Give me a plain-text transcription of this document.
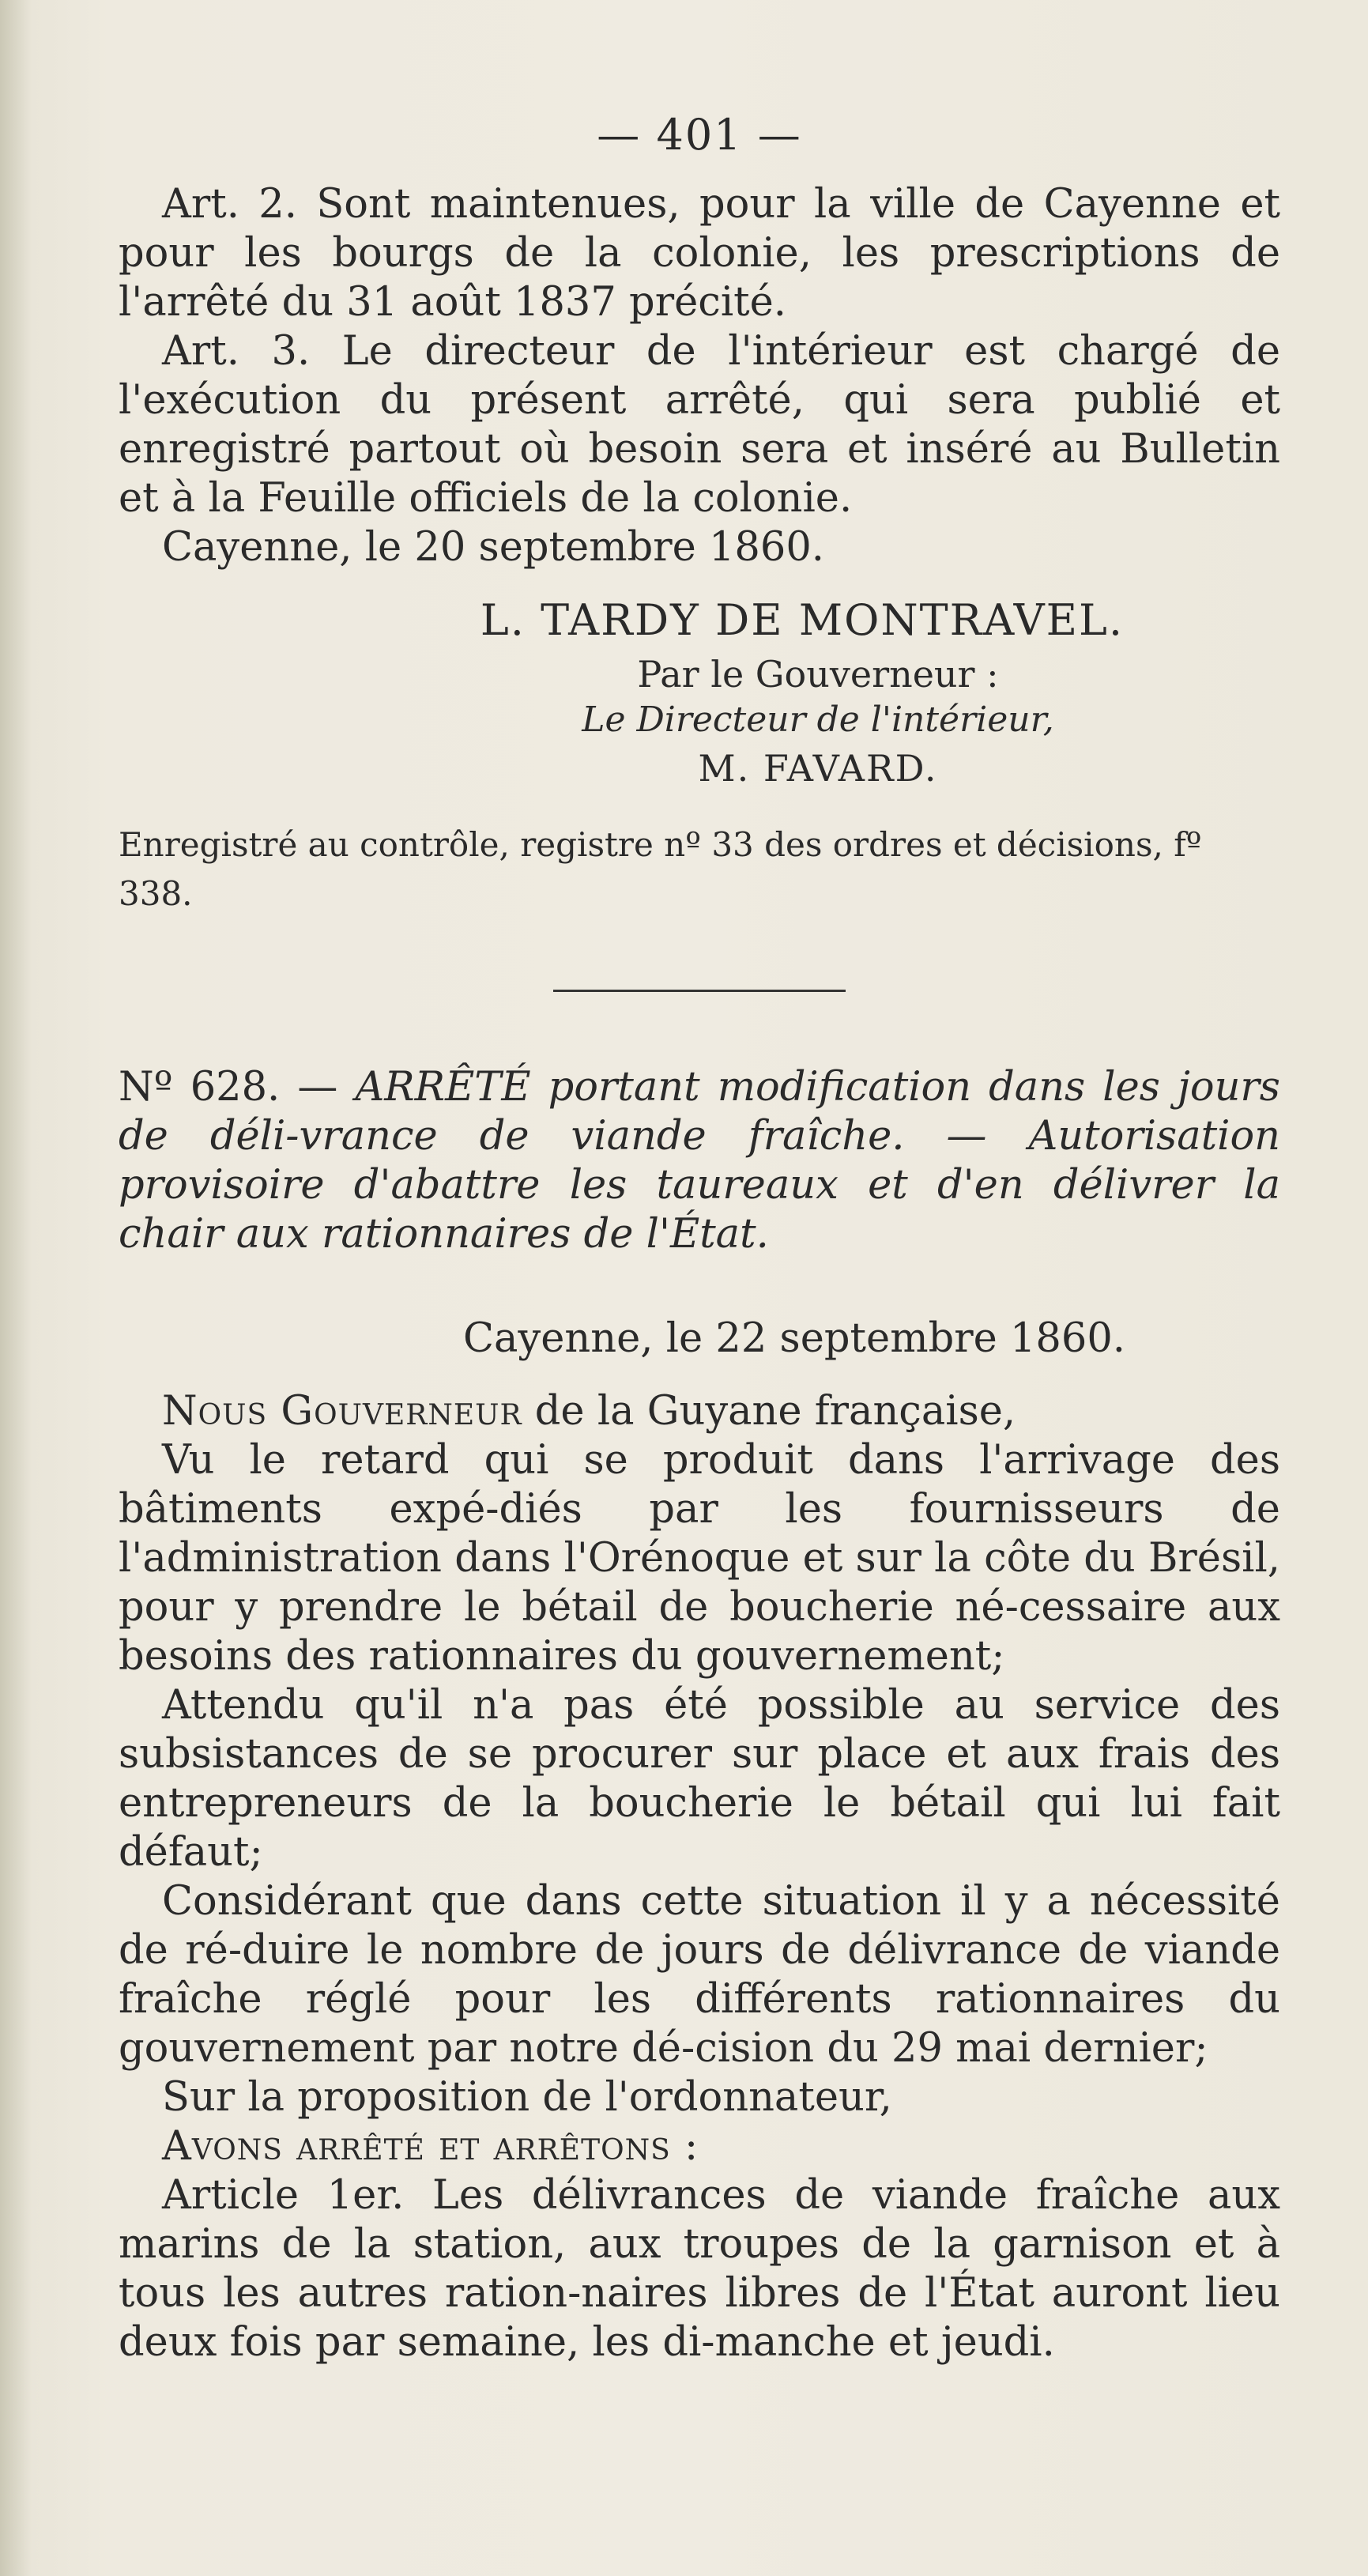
— 401 —

Art. 2. Sont maintenues, pour la ville de Cayenne et pour les bourgs de la colonie, les prescriptions de l'arrêté du 31 août 1837 précité.

Art. 3. Le directeur de l'intérieur est chargé de l'exécution du présent arrêté, qui sera publié et enregistré partout où besoin sera et inséré au Bulletin et à la Feuille officiels de la colonie.

Cayenne, le 20 septembre 1860.

L. TARDY DE MONTRAVEL.
Par le Gouverneur :
Le Directeur de l'intérieur,
M. FAVARD.

Enregistré au contrôle, registre nº 33 des ordres et décisions, fº 338.

Nº 628. — ARRÊTÉ portant modification dans les jours de déli-vrance de viande fraîche. — Autorisation provisoire d'abattre les taureaux et d'en délivrer la chair aux rationnaires de l'État.

Cayenne, le 22 septembre 1860.

Nous Gouverneur de la Guyane française,

Vu le retard qui se produit dans l'arrivage des bâtiments expé-diés par les fournisseurs de l'administration dans l'Orénoque et sur la côte du Brésil, pour y prendre le bétail de boucherie né-cessaire aux besoins des rationnaires du gouvernement;

Attendu qu'il n'a pas été possible au service des subsistances de se procurer sur place et aux frais des entrepreneurs de la boucherie le bétail qui lui fait défaut;

Considérant que dans cette situation il y a nécessité de ré-duire le nombre de jours de délivrance de viande fraîche réglé pour les différents rationnaires du gouvernement par notre dé-cision du 29 mai dernier;

Sur la proposition de l'ordonnateur,

Avons arrêté et arrêtons :

Article 1er. Les délivrances de viande fraîche aux marins de la station, aux troupes de la garnison et à tous les autres ration-naires libres de l'État auront lieu deux fois par semaine, les di-manche et jeudi.
